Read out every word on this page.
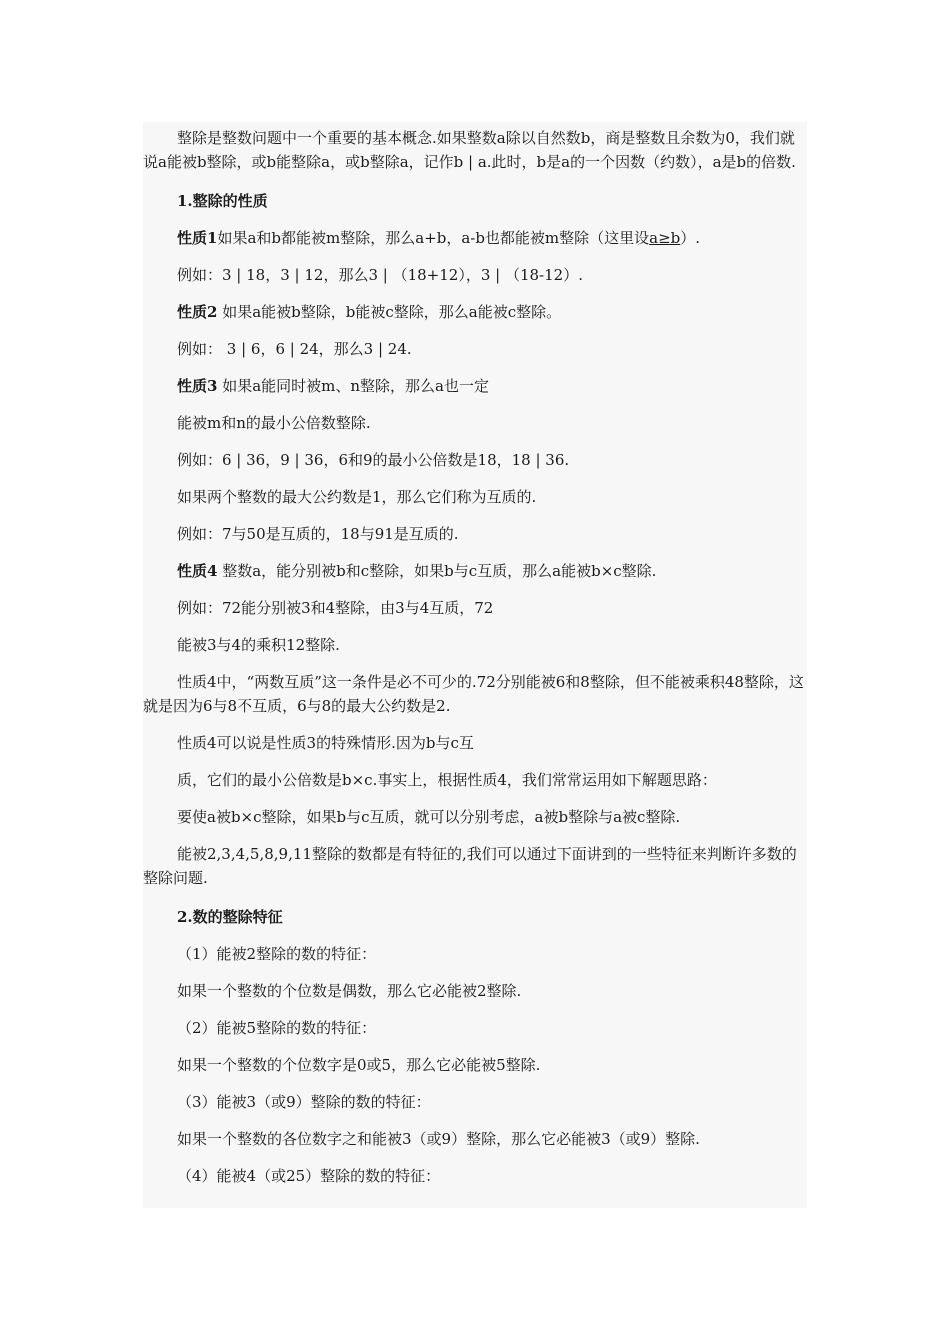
整除是整数问题中一个重要的基本概念.如果整数a除以自然数b，商是整数且余数为0，我们就说a能被b整除，或b能整除a，或b整除a，记作b | a.此时，b是a的一个因数（约数），a是b的倍数.

1.整除的性质

性质1如果a和b都能被m整除，那么a+b，a-b也都能被m整除（这里设a≥b）.

例如：3 | 18，3 | 12，那么3 | （18+12），3 | （18-12）.

性质2 如果a能被b整除，b能被c整除，那么a能被c整除。

例如： 3 | 6，6 | 24，那么3 | 24.

性质3 如果a能同时被m、n整除，那么a也一定

能被m和n的最小公倍数整除.

例如：6 | 36，9 | 36，6和9的最小公倍数是18，18 | 36.

如果两个整数的最大公约数是1，那么它们称为互质的.

例如：7与50是互质的，18与91是互质的.

性质4 整数a，能分别被b和c整除，如果b与c互质，那么a能被b×c整除.

例如：72能分别被3和4整除，由3与4互质，72

能被3与4的乘积12整除.

性质4中，“两数互质”这一条件是必不可少的.72分别能被6和8整除，但不能被乘积48整除，这就是因为6与8不互质，6与8的最大公约数是2.

性质4可以说是性质3的特殊情形.因为b与c互

质，它们的最小公倍数是b×c.事实上，根据性质4，我们常常运用如下解题思路：

要使a被b×c整除，如果b与c互质，就可以分别考虑，a被b整除与a被c整除.

能被2,3,4,5,8,9,11整除的数都是有特征的,我们可以通过下面讲到的一些特征来判断许多数的整除问题.

2.数的整除特征

（1）能被2整除的数的特征：

如果一个整数的个位数是偶数，那么它必能被2整除.

（2）能被5整除的数的特征：

如果一个整数的个位数字是0或5，那么它必能被5整除.

（3）能被3（或9）整除的数的特征：

如果一个整数的各位数字之和能被3（或9）整除，那么它必能被3（或9）整除.

（4）能被4（或25）整除的数的特征：
